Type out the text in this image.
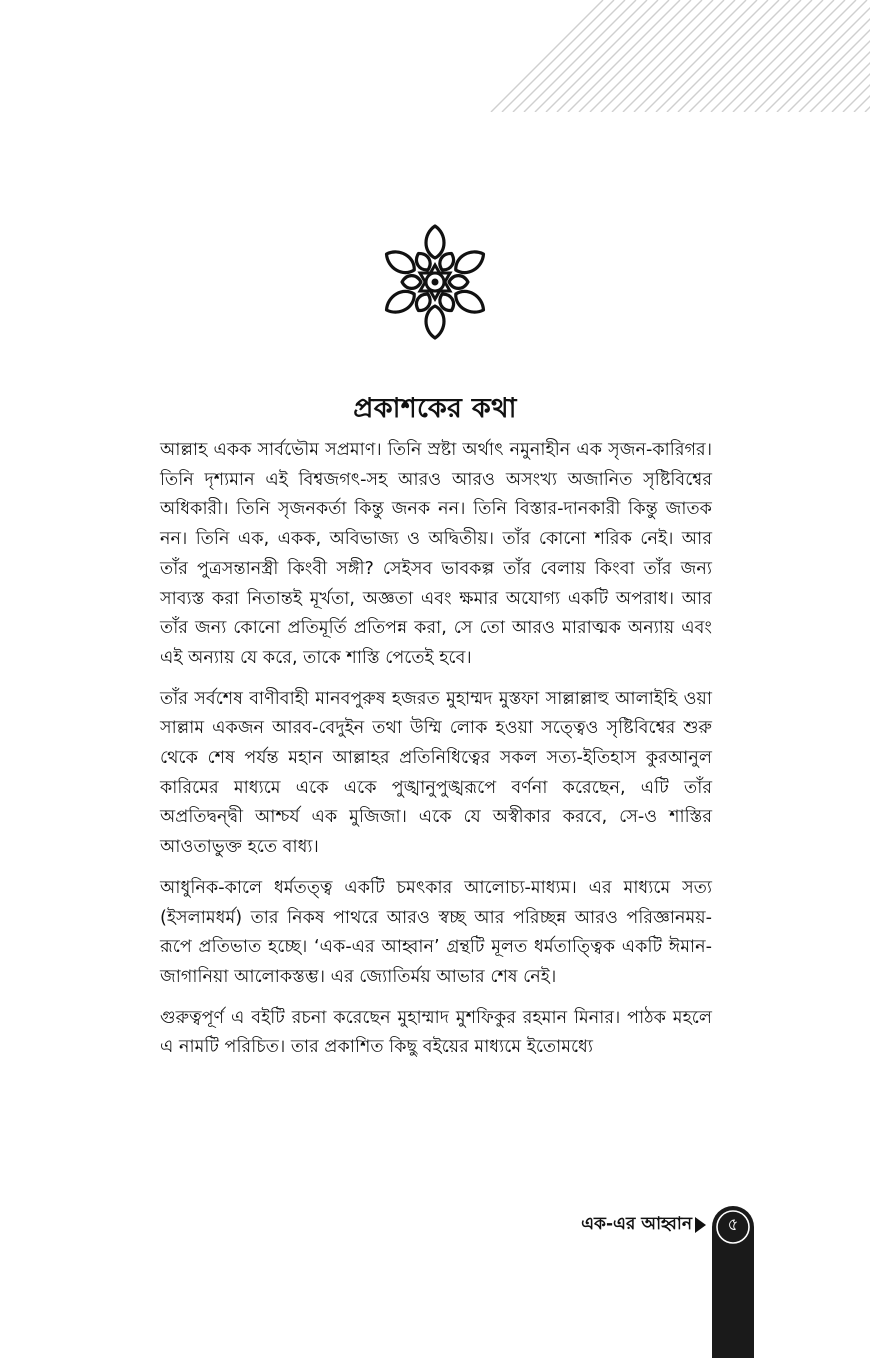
প্রকাশকের কথা

আল্লাহ একক সার্বভৌম সপ্রমাণ। তিনি স্রষ্টা অর্থাৎ নমুনাহীন এক সৃজন-কারিগর। তিনি দৃশ্যমান এই বিশ্বজগৎ-সহ আরও আরও অসংখ্য অজানিত সৃষ্টিবিশ্বের অধিকারী। তিনি সৃজনকর্তা কিন্তু জনক নন। তিনি বিস্তার-দানকারী কিন্তু জাতক নন। তিনি এক, একক, অবিভাজ্য ও অদ্বিতীয়। তাঁর কোনো শরিক নেই। আর তাঁর পুত্রসন্তানস্ত্রী কিংবী সঙ্গী? সেইসব ভাবকল্প তাঁর বেলায় কিংবা তাঁর জন্য সাব্যস্ত করা নিতান্তই মূর্খতা, অজ্ঞতা এবং ক্ষমার অযোগ্য একটি অপরাধ। আর তাঁর জন্য কোনো প্রতিমূর্তি প্রতিপন্ন করা, সে তো আরও মারাত্মক অন্যায় এবং এই অন্যায় যে করে, তাকে শাস্তি পেতেই হবে।

তাঁর সর্বশেষ বাণীবাহী মানবপুরুষ হজরত মুহাম্মদ মুস্তফা সাল্লাল্লাহু আলাইহি ওয়া সাল্লাম একজন আরব-বেদুইন তথা উম্মি লোক হওয়া সত্ত্বেও সৃষ্টিবিশ্বের শুরু থেকে শেষ পর্যন্ত মহান আল্লাহর প্রতিনিধিত্বের সকল সত্য-ইতিহাস কুরআনুল কারিমের মাধ্যমে একে একে পুঙ্খানুপুঙ্খরূপে বর্ণনা করেছেন, এটি তাঁর অপ্রতিদ্বন্দ্বী আশ্চর্য এক মুজিজা। একে যে অস্বীকার করবে, সে-ও শাস্তির আওতাভুক্ত হতে বাধ্য।

আধুনিক-কালে ধর্মতত্ত্ব একটি চমৎকার আলোচ্য-মাধ্যম। এর মাধ্যমে সত্য (ইসলামধর্ম) তার নিকষ পাথরে আরও স্বচ্ছ আর পরিচ্ছন্ন আরও পরিজ্ঞানময়-রূপে প্রতিভাত হচ্ছে। ‘এক-এর আহ্বান’ গ্রন্থটি মূলত ধর্মতাত্ত্বিক একটি ঈমান-জাগানিয়া আলোকস্তম্ভ। এর জ্যোতির্ময় আভার শেষ নেই।

গুরুত্বপূর্ণ এ বইটি রচনা করেছেন মুহাম্মাদ মুশফিকুর রহমান মিনার। পাঠক মহলে এ নামটি পরিচিত। তার প্রকাশিত কিছু বইয়ের মাধ্যমে ইতোমধ্যে

এক-এর আহ্বান	৫
